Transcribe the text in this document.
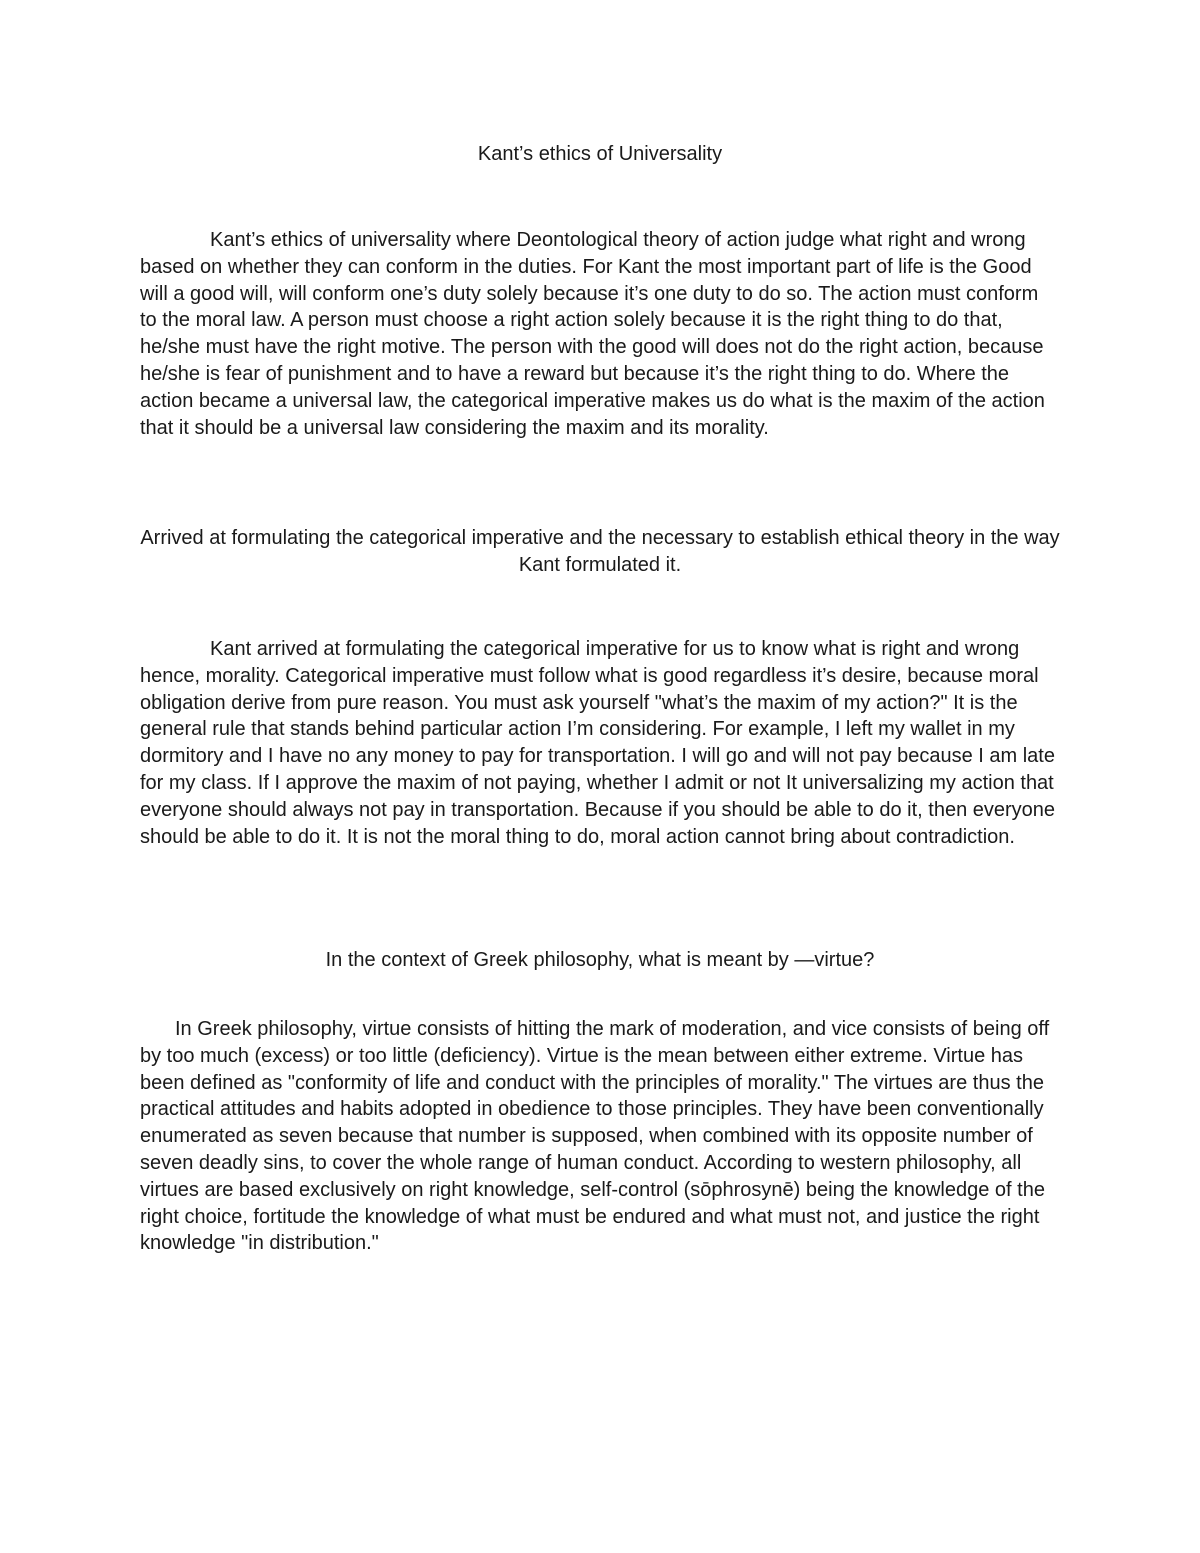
Kant’s ethics of Universality

Kant’s ethics of universality where Deontological theory of action judge what right and wrong based on whether they can conform in the duties. For Kant the most important part of life is the Good will a good will, will conform one’s duty solely because it’s one duty to do so. The action must conform to the moral law. A person must choose a right action solely because it is the right thing to do that, he/she must have the right motive. The person with the good will does not do the right action, because he/she is fear of punishment and to have a reward but because it’s the right thing to do. Where the action became a universal law, the categorical imperative makes us do what is the maxim of the action that it should be a universal law considering the maxim and its morality.

Arrived at formulating the categorical imperative and the necessary to establish ethical theory in the way Kant formulated it.

Kant arrived at formulating the categorical imperative for us to know what is right and wrong hence, morality. Categorical imperative must follow what is good regardless it’s desire, because moral obligation derive from pure reason. You must ask yourself "what’s the maxim of my action?" It is the general rule that stands behind particular action I’m considering. For example, I left my wallet in my dormitory and I have no any money to pay for transportation. I will go and will not pay because I am late for my class. If I approve the maxim of not paying, whether I admit or not It universalizing my action that everyone should always not pay in transportation. Because if you should be able to do it, then everyone should be able to do it. It is not the moral thing to do, moral action cannot bring about contradiction.

In the context of Greek philosophy, what is meant by —virtue?

In Greek philosophy, virtue consists of hitting the mark of moderation, and vice consists of being off by too much (excess) or too little (deficiency). Virtue is the mean between either extreme. Virtue has been defined as "conformity of life and conduct with the principles of morality." The virtues are thus the practical attitudes and habits adopted in obedience to those principles. They have been conventionally enumerated as seven because that number is supposed, when combined with its opposite number of seven deadly sins, to cover the whole range of human conduct. According to western philosophy, all virtues are based exclusively on right knowledge, self-control (sōphrosynē) being the knowledge of the right choice, fortitude the knowledge of what must be endured and what must not, and justice the right knowledge "in distribution."
